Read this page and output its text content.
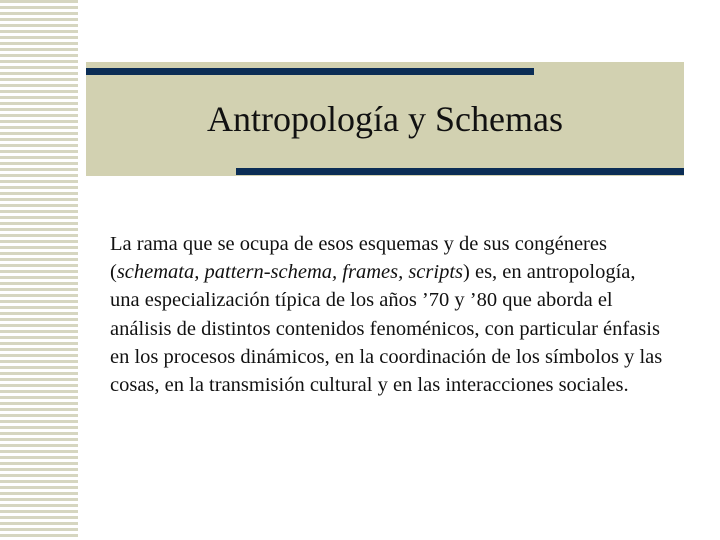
Antropología y Schemas

La rama que se ocupa de esos esquemas y de sus congéneres (schemata, pattern-schema, frames, scripts) es, en antropología, una especialización típica de los años ’70 y ’80 que aborda el análisis de distintos contenidos fenoménicos, con particular énfasis en los procesos dinámicos, en la coordinación de los símbolos y las cosas, en la transmisión cultural y en las interacciones sociales.
